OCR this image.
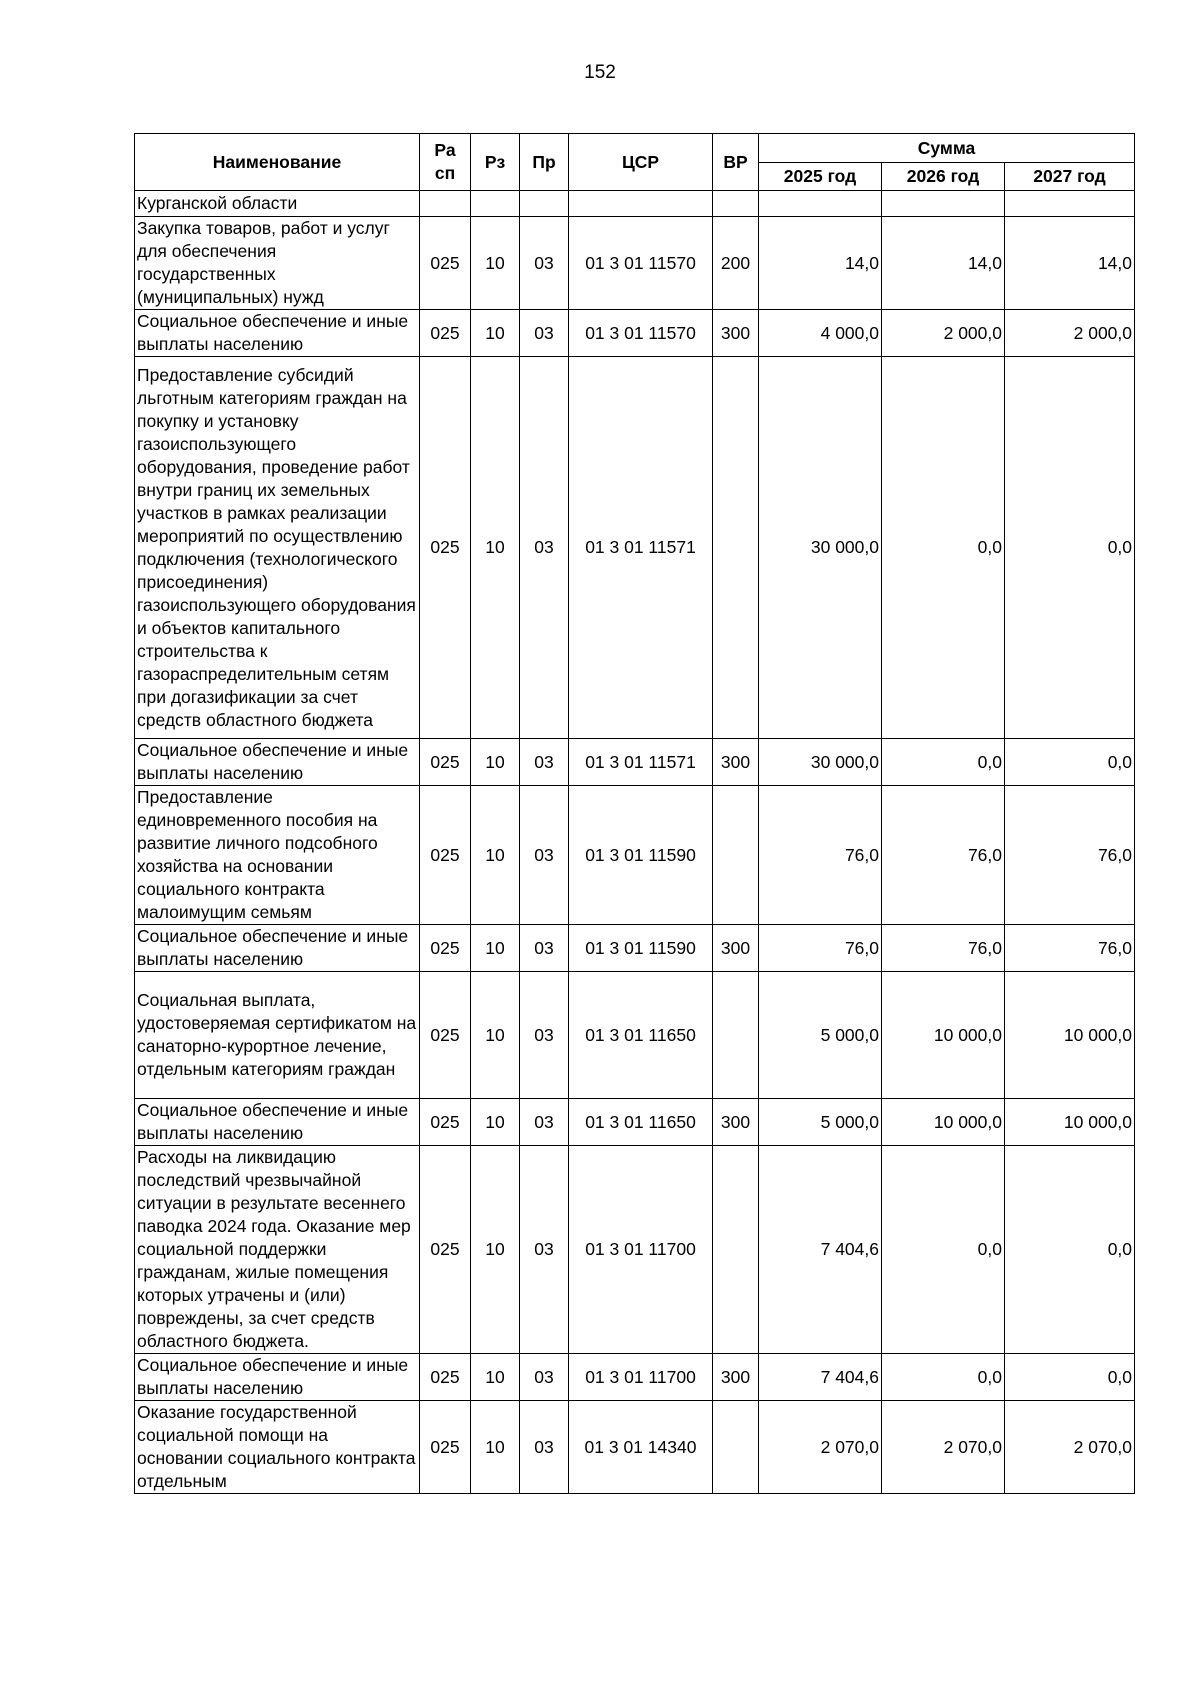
152
Наименование	Ра сп	Рз	Пр	ЦСР	ВР	Сумма		
						2025 год	2026 год	2027 год
Курганской области								
Закупка товаров, работ и услуг для обеспечения государственных (муниципальных) нужд	025	10	03	01 3 01 11570	200	14,0	14,0	14,0
Социальное обеспечение и иные выплаты населению	025	10	03	01 3 01 11570	300	4 000,0	2 000,0	2 000,0
Предоставление субсидий льготным категориям граждан на покупку и установку газоиспользующего оборудования, проведение работ внутри границ их земельных участков в рамках реализации мероприятий по осуществлению подключения (технологического присоединения) газоиспользующего оборудования и объектов капитального строительства к газораспределительным сетям при догазификации за счет средств областного бюджета	025	10	03	01 3 01 11571		30 000,0	0,0	0,0
Социальное обеспечение и иные выплаты населению	025	10	03	01 3 01 11571	300	30 000,0	0,0	0,0
Предоставление единовременного пособия на развитие личного подсобного хозяйства на основании социального контракта малоимущим семьям	025	10	03	01 3 01 11590		76,0	76,0	76,0
Социальное обеспечение и иные выплаты населению	025	10	03	01 3 01 11590	300	76,0	76,0	76,0
Социальная выплата, удостоверяемая сертификатом на санаторно-курортное лечение, отдельным категориям граждан	025	10	03	01 3 01 11650		5 000,0	10 000,0	10 000,0
Социальное обеспечение и иные выплаты населению	025	10	03	01 3 01 11650	300	5 000,0	10 000,0	10 000,0
Расходы на ликвидацию последствий чрезвычайной ситуации в результате весеннего паводка 2024 года. Оказание мер социальной поддержки гражданам, жилые помещения которых утрачены и (или) повреждены, за счет средств областного бюджета.	025	10	03	01 3 01 11700		7 404,6	0,0	0,0
Социальное обеспечение и иные выплаты населению	025	10	03	01 3 01 11700	300	7 404,6	0,0	0,0
Оказание государственной социальной помощи на основании социального контракта отдельным	025	10	03	01 3 01 14340		2 070,0	2 070,0	2 070,0
